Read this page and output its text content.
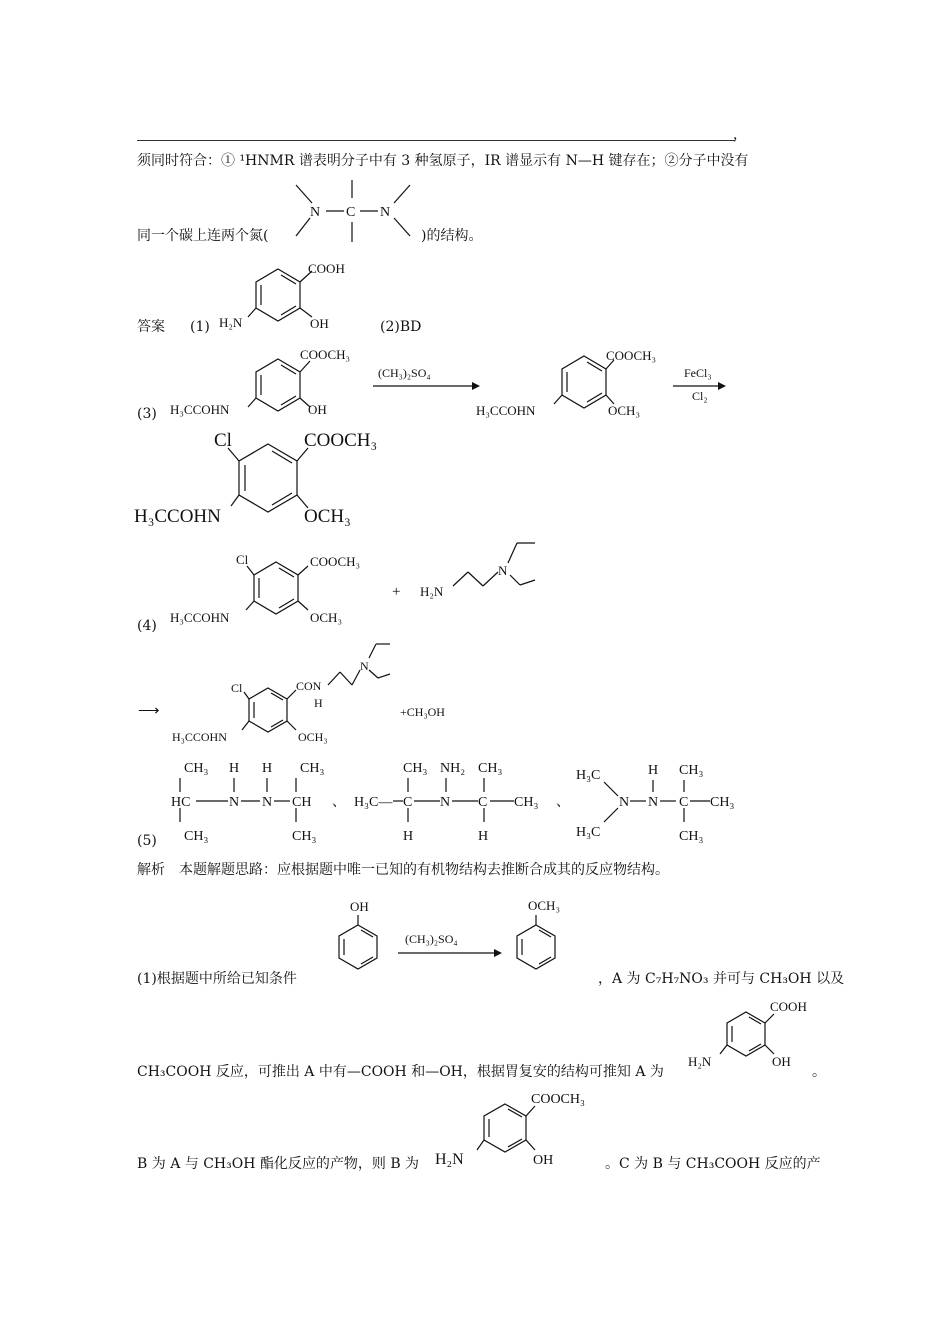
，
须同时符合：① ¹HNMR 谱表明分子中有 3 种氢原子，IR 谱显示有 N—H 键存在；②分子中没有
同一个碳上连两个氮(	)的结构。
答案 (1)	(2)BD
(3)
(4)
(5)
解析　本题解题思路：应根据题中唯一已知的有机物结构去推断合成其的反应物结构。
(1)根据题中所给已知条件	，A 为 C₇H₇NO₃ 并可与 CH₃OH 以及
CH₃COOH 反应，可推出 A 中有—COOH 和—OH，根据胃复安的结构可推知 A 为	。
B 为 A 与 CH₃OH 酯化反应的产物，则 B 为	。C 为 B 与 CH₃COOH 反应的产
N C N
COOH
OH
H₂N
COOCH₃
OH
H₃CCOHN
(CH₃)₂SO₄
COOCH₃
OCH₃
H₃CCOHN
FeCl₃
Cl₂
Cl	COOCH₃
OCH₃
H₃CCOHN
Cl	COOCH₃
OCH₃
H₃CCOHN
+ H₂N
N
⟶
Cl	CON
H
OCH₃
H₃CCOHN
N
+CH₃OH
CH₃
HC
CH₃
H
N
H
N
CH₃
CH
CH₃
、 H₃C—
CH₃
C
H
NH₂
N
CH₃
C
H
CH₃ 、
H₃C
H₃C
N
H
N
CH₃
C
CH₃
CH₃
OH
(CH₃)₂SO₄
OCH₃
COOH
OH
H₂N
COOCH₃
OH
H₂N
